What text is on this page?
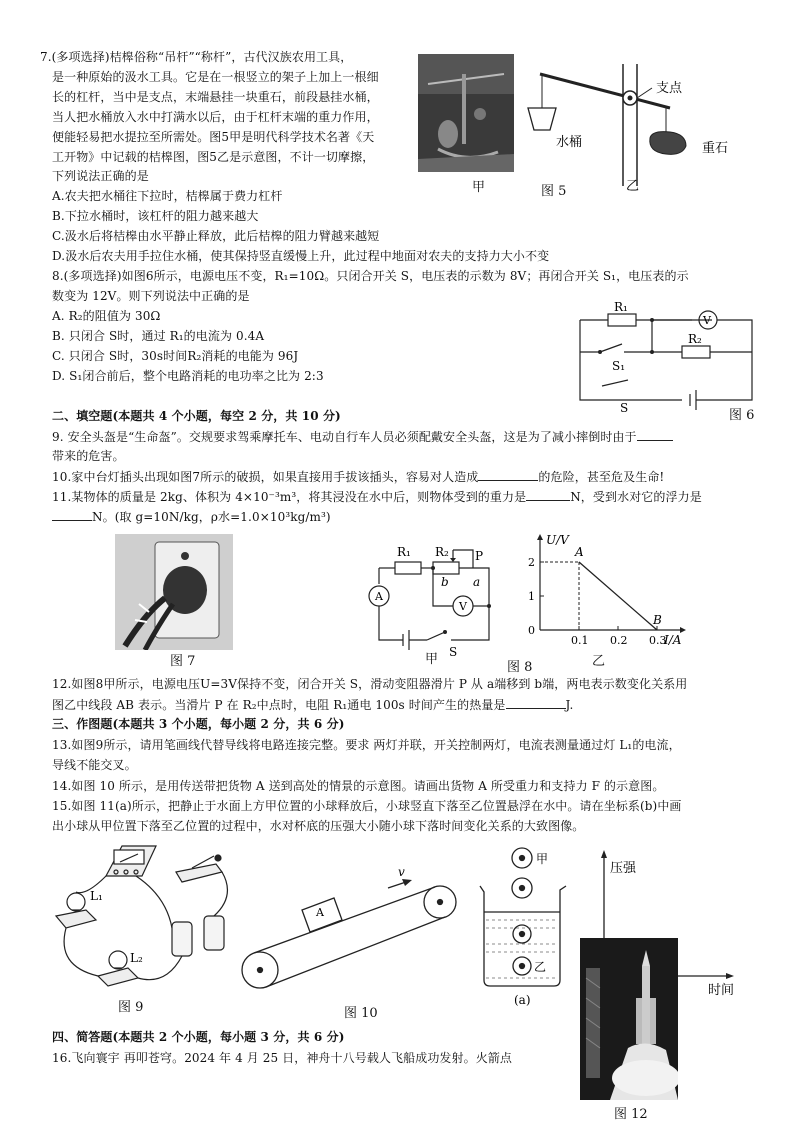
7.(多项选择)桔槔俗称“吊杆”“称杆”，古代汉族农用工具，
是一种原始的汲水工具。它是在一根竖立的架子上加上一根细
长的杠杆，当中是支点，末端悬挂一块重石，前段悬挂水桶，
当人把水桶放入水中打满水以后，由于杠杆末端的重力作用，
便能轻易把水提拉至所需处。图5甲是明代科学技术名著《天
工开物》中记载的桔槔图，图5乙是示意图，不计一切摩擦，
下列说法正确的是
A.农夫把水桶往下拉时，桔槔属于费力杠杆
B.下拉水桶时，该杠杆的阻力越来越大
C.汲水后将桔槔由水平静止释放，此后桔槔的阻力臂越来越短
D.汲水后农夫用手拉住水桶，使其保持竖直缓慢上升，此过程中地面对农夫的支持力大小不变
甲
支点
水桶	重石
乙
图 5
8.(多项选择)如图6所示，电源电压不变，R₁=10Ω。只闭合开关 S，电压表的示数为 8V；再闭合开关 S₁，电压表的示
数变为 12V。则下列说法中正确的是
A. R₂的阻值为 30Ω
B. 只闭合 S时，通过 R₁的电流为 0.4A
C. 只闭合 S时，30s时间R₂消耗的电能为 96J
D. S₁闭合前后，整个电路消耗的电功率之比为 2:3
R₁
R₂
V
S₁
S	图 6
二、填空题(本题共 4 个小题，每空 2 分，共 10 分)
9. 安全头盔是“生命盔”。交规要求驾乘摩托车、电动自行车人员必须配戴安全头盔，这是为了减小摔倒时由于
带来的危害。
10.家中台灯插头出现如图7所示的破损，如果直接用手拔该插头，容易对人造成	的危险，甚至危及生命!
11.某物体的质量是 2kg、体积为 4×10⁻³m³，将其浸没在水中后，则物体受到的重力是	N，受到水对它的浮力是
N。(取 g=10N/kg，ρ水=1.0×10³kg/m³)
图 7
R₁ R₂ P
b a
A
V
S
甲
U/V
I/A
0
1
2
0.1 0.2 0.3
A
B
乙
图 8
12.如图8甲所示，电源电压U=3V保持不变，闭合开关 S，滑动变阻器滑片 P 从 a端移到 b端，两电表示数变化关系用
图乙中线段 AB 表示。当滑片 P 在 R₂中点时，电阻 R₁通电 100s 时间产生的热量是	J.
三、作图题(本题共 3 个小题，每小题 2 分，共 6 分)
13.如图9所示，请用笔画线代替导线将电路连接完整。要求 两灯并联，开关控制两灯，电流表测量通过灯 L₁的电流，
导线不能交叉。
14.如图 10 所示，是用传送带把货物 A 送到高处的情景的示意图。请画出货物 A 所受重力和支持力 F 的示意图。
15.如图 11(a)所示，把静止于水面上方甲位置的小球释放后，小球竖直下落至乙位置悬浮在水中。请在坐标系(b)中画
出小球从甲位置下落至乙位置的过程中，水对杯底的压强大小随小球下落时间变化关系的大致图像。
L₁
L₂
图 9
A
v
图 10
甲
乙
(a)
压强
时间
图 12
四、简答题(本题共 2 个小题，每小题 3 分，共 6 分)
16.飞向寰宇 再叩苍穹。2024 年 4 月 25 日，神舟十八号载人飞船成功发射。火箭点
